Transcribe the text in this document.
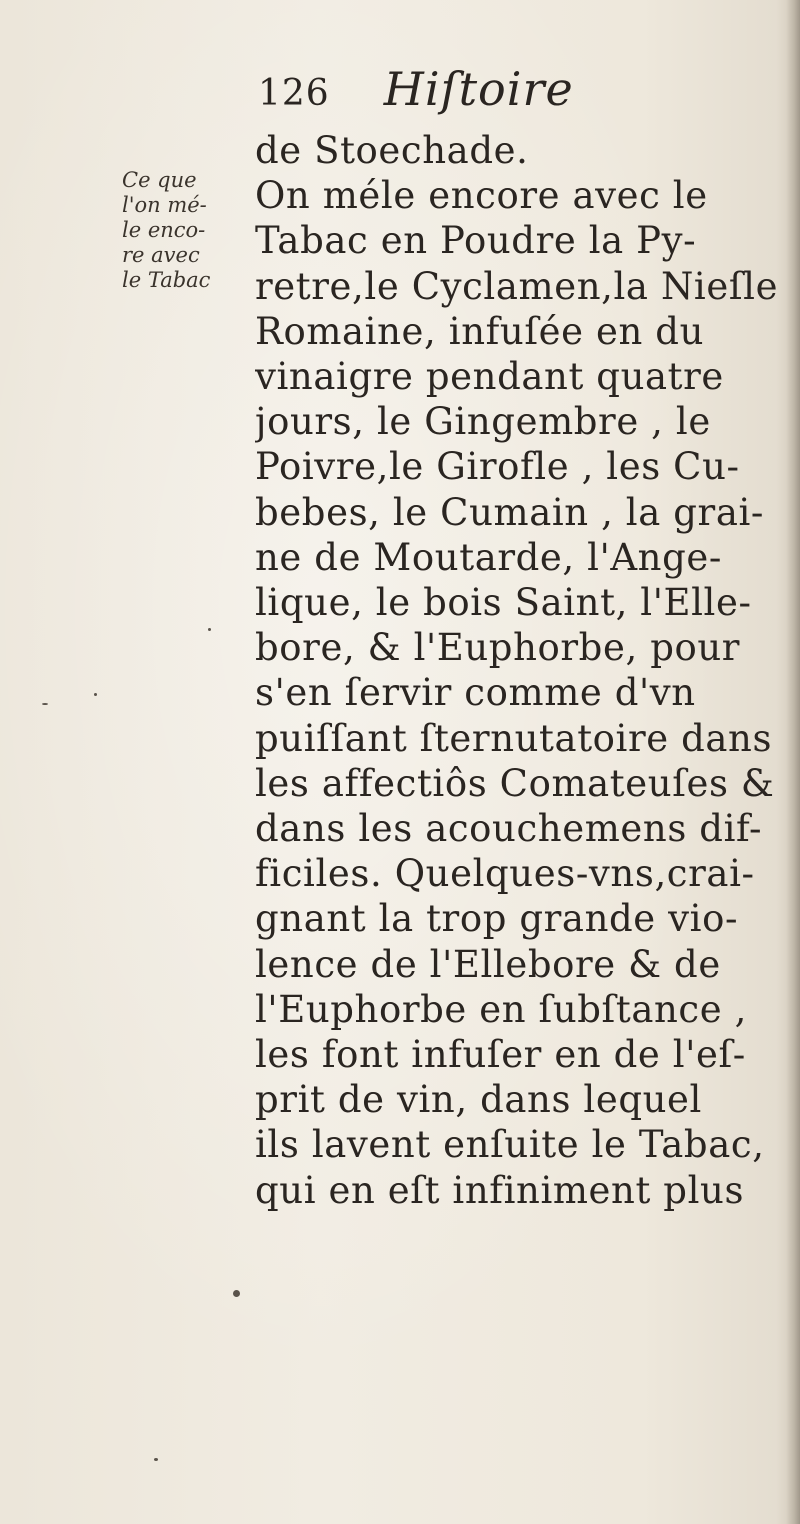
126 Hiſtoire
Ce que
l'on mé-
le enco-
re avec
le Tabac
de Stoechade.
On méle encore avec le
Tabac en Poudre la Py-
retre,le Cyclamen,la Nieſle
Romaine, infuſée en du
vinaigre pendant quatre
jours, le Gingembre , le
Poivre,le Girofle , les Cu-
bebes, le Cumain , la grai-
ne de Moutarde, l'Ange-
lique, le bois Saint, l'Elle-
bore, & l'Euphorbe, pour
s'en ſervir comme d'vn
puiſſant ſternutatoire dans
les affectiôs Comateuſes &
dans les acouchemens dif-
ficiles. Quelques-vns,crai-
gnant la trop grande vio-
lence de l'Ellebore & de
l'Euphorbe en ſubſtance ,
les font infuſer en de l'eſ-
prit de vin, dans lequel
ils lavent enſuite le Tabac,
qui en eſt infiniment plus
